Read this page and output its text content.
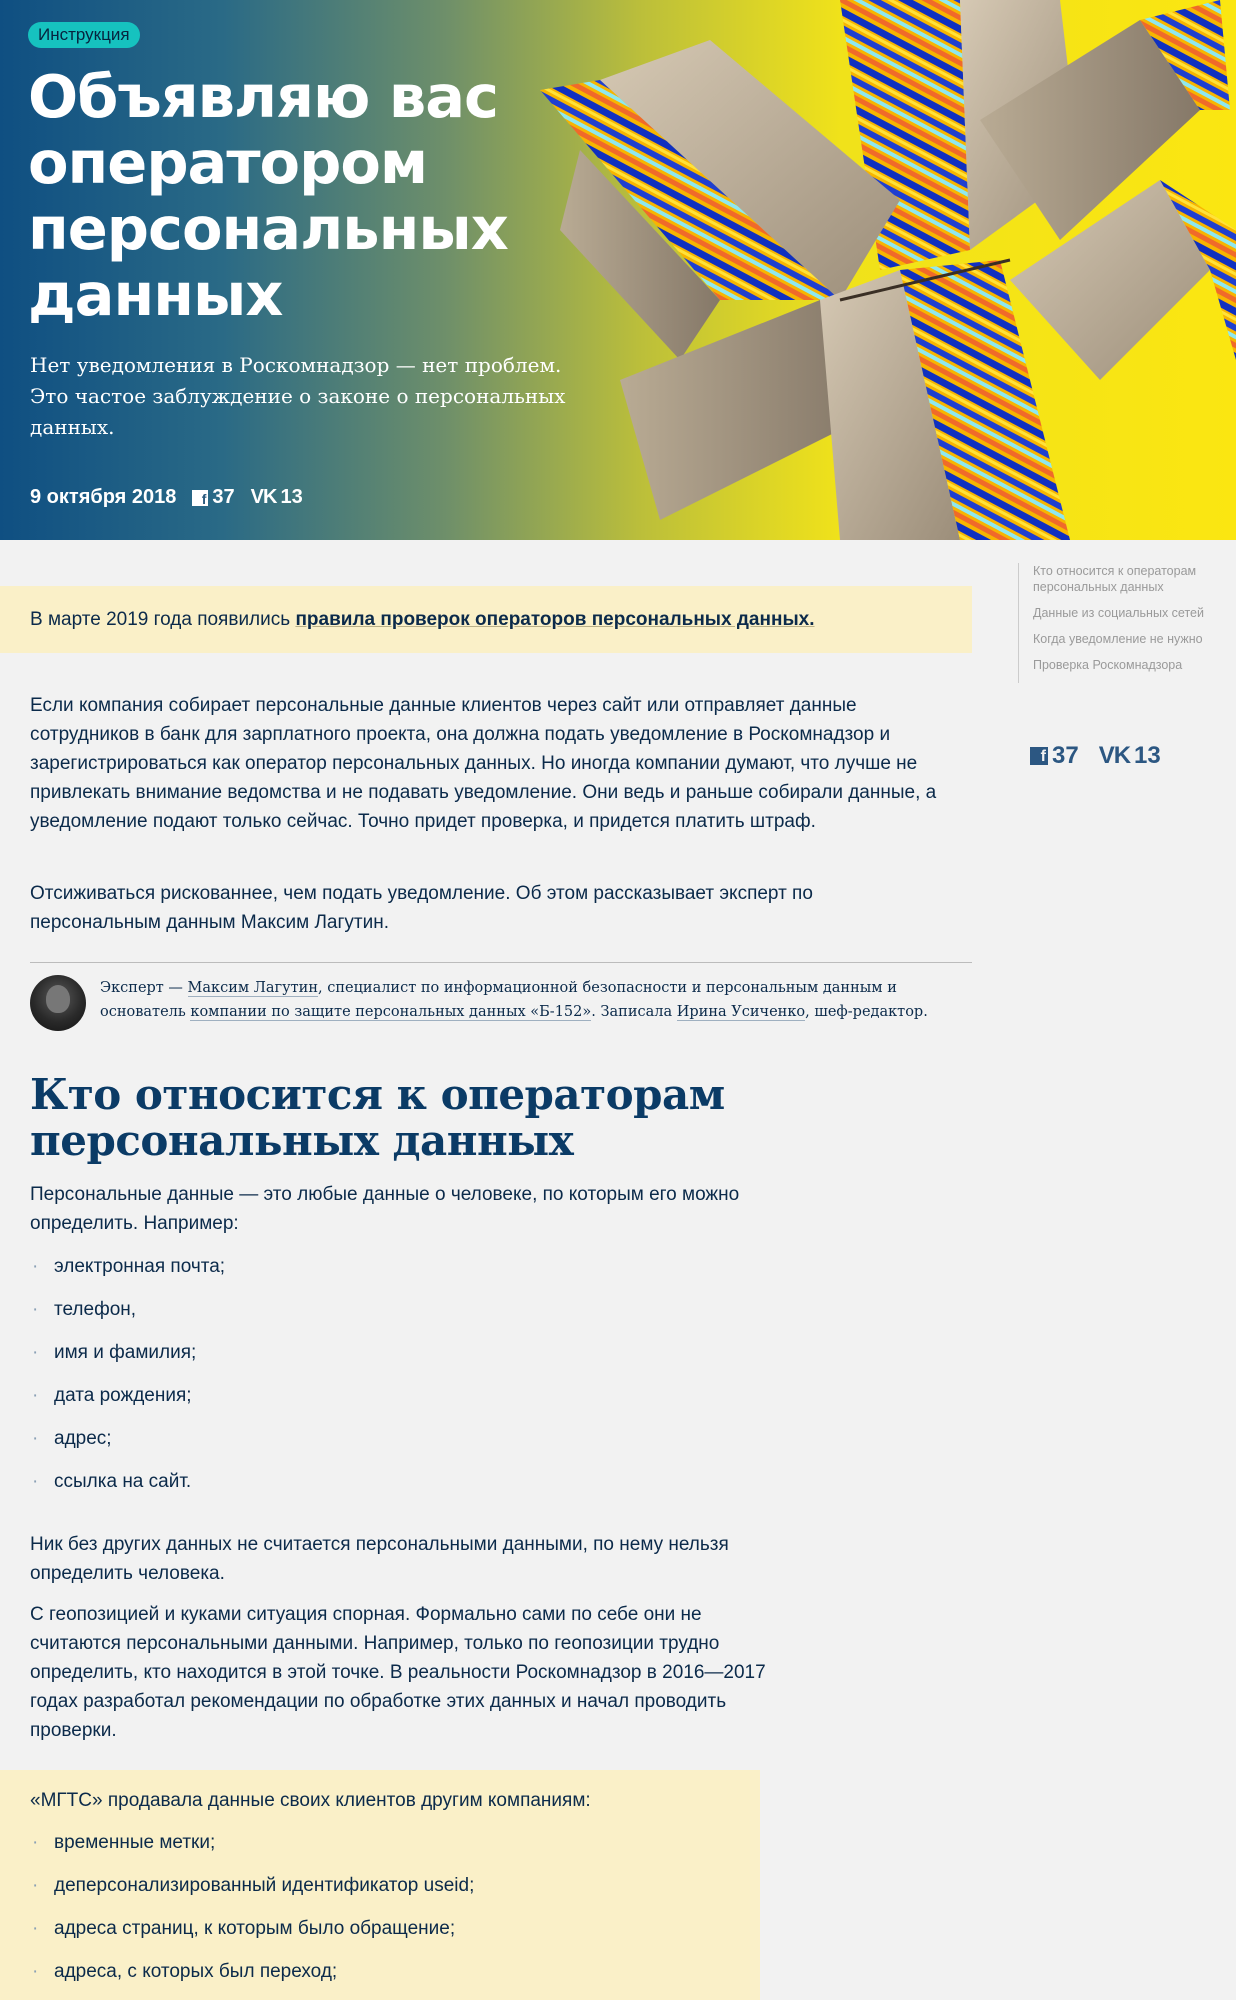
Инструкция
Объявляю вас оператором персональных данных

Нет уведомления в Роскомнадзор — нет проблем. Это частое заблуждение о законе о персональных данных.

9 октября 2018	f 37 VK 13
Кто относится к операторам персональных данных
Данные из социальных сетей
Когда уведомление не нужно
Проверка Роскомнадзора
f 37 VK 13
В марте 2019 года появились правила проверок операторов персональных данных.

Если компания собирает персональные данные клиентов через сайт или отправляет данные сотрудников в банк для зарплатного проекта, она должна подать уведомление в Роскомнадзор и зарегистрироваться как оператор персональных данных. Но иногда компании думают, что лучше не привлекать внимание ведомства и не подавать уведомление. Они ведь и раньше собирали данные, а уведомление подают только сейчас. Точно придет проверка, и придется платить штраф.

Отсиживаться рискованнее, чем подать уведомление. Об этом рассказывает эксперт по персональным данным Максим Лагутин.

Эксперт — Максим Лагутин, специалист по информационной безопасности и персональным данным и основатель компании по защите персональных данных «Б-152». Записала Ирина Усиченко, шеф-редактор.

Кто относится к операторам персональных данных

Персональные данные — это любые данные о человеке, по которым его можно определить. Например:

· электронная почта;
· телефон,
· имя и фамилия;
· дата рождения;
· адрес;
· ссылка на сайт.

Ник без других данных не считается персональными данными, по нему нельзя определить человека.

С геопозицией и куками ситуация спорная. Формально сами по себе они не считаются персональными данными. Например, только по геопозиции трудно определить, кто находится в этой точке. В реальности Роскомнадзор в 2016—2017 годах разработал рекомендации по обработке этих данных и начал проводить проверки.

«МГТС» продавала данные своих клиентов другим компаниям:

· временные метки;
· деперсонализированный идентификатор useid;
· адреса страниц, к которым было обращение;
· адреса, с которых был переход;
